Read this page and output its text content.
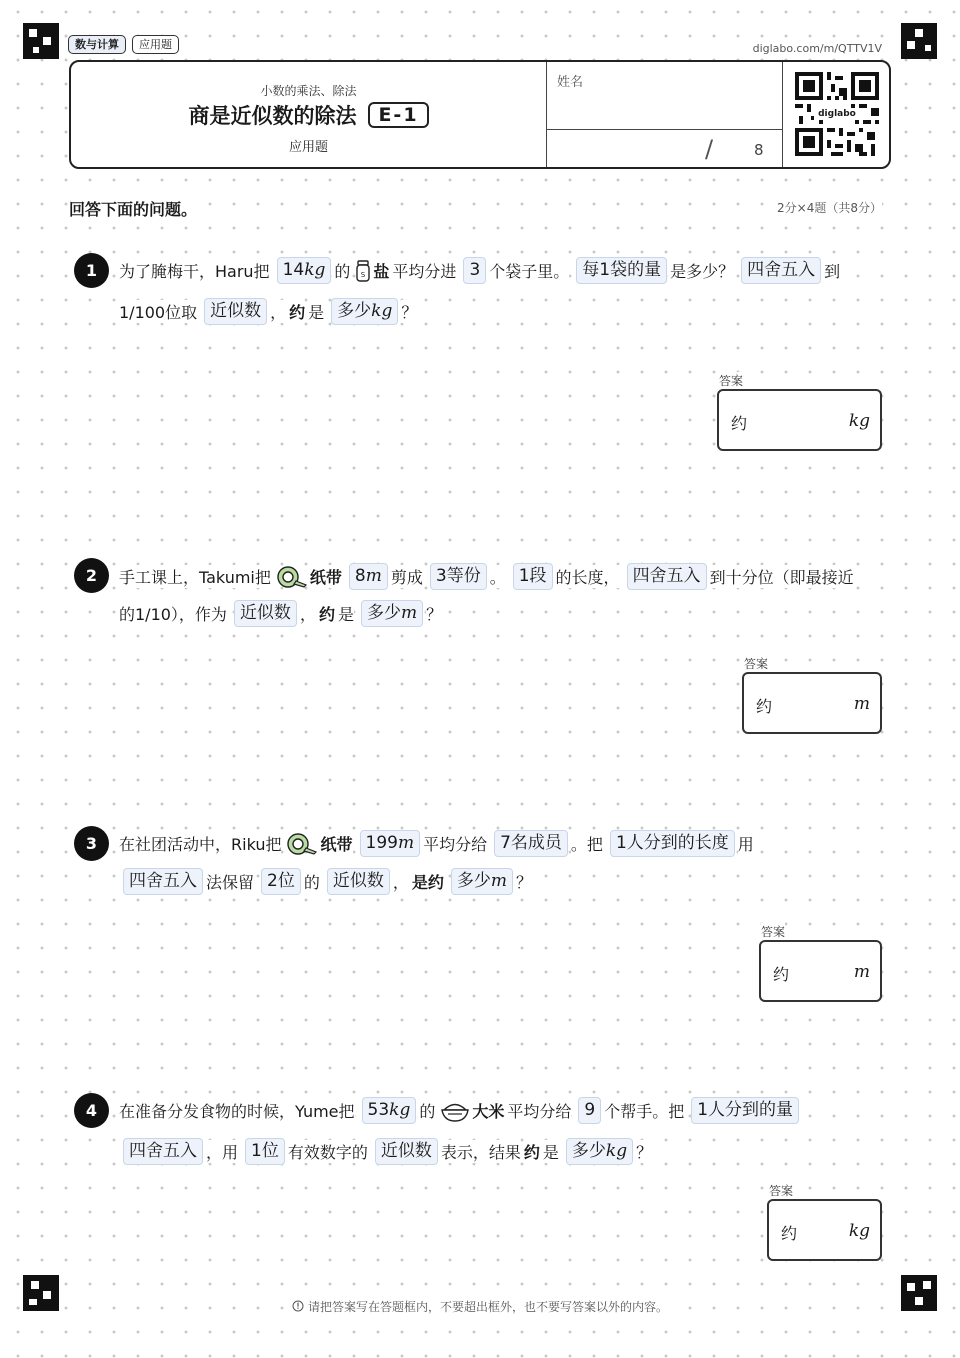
数与计算	应用题	diglabo.com/m/QTTV1V
小数的乘法、除法
商是近似数的除法	E-1
应用题
姓名
/	8
diglabo
回答下面的问题。	2分×4题（共8分）
1	为了腌梅干，Haru把 14kg 的 S 盐 平均分进 3 个袋子里。 每1袋的量 是多少？ 四舍五入 到
1/100位取 近似数 ， 约 是 多少kg ？
答案
约	kg
2	手工课上，Takumi把 纸带 8m 剪成 3等份 。 1段 的长度， 四舍五入 到十分位（即最接近
的1/10），作为 近似数 ， 约 是 多少m ？
答案
约	m
3	在社团活动中，Riku把 纸带 199m 平均分给 7名成员 。把 1人分到的长度 用
四舍五入 法保留 2位 的 近似数 ， 是约 多少m ？
答案
约	m
4	在准备分发食物的时候，Yume把 53kg 的 大米 平均分给 9 个帮手。把 1人分到的量
四舍五入 ，用 1位 有效数字的 近似数 表示，结果 约 是 多少kg ？
答案
约	kg
请把答案写在答题框内，不要超出框外，也不要写答案以外的内容。
